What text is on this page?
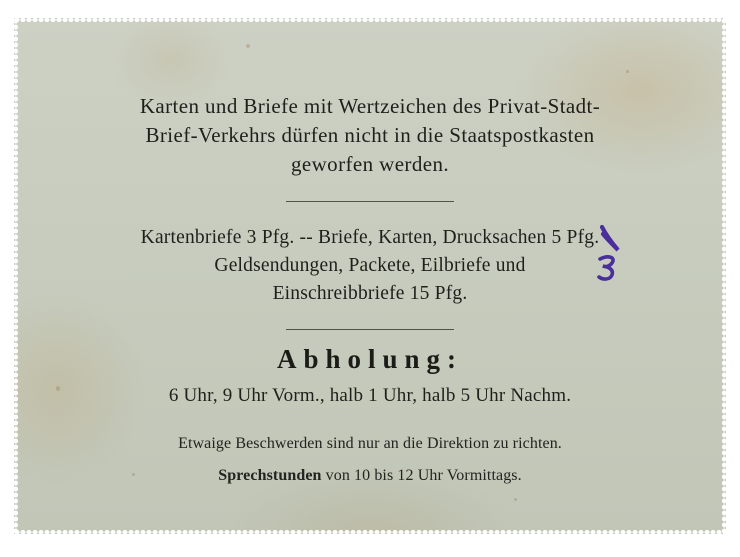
Karten und Briefe mit Wertzeichen des Privat-Stadt-
Brief-Verkehrs dürfen nicht in die Staatspostkasten
geworfen werden.
Kartenbriefe 3 Pfg. -- Briefe, Karten, Drucksachen 5 Pfg.
Geldsendungen, Packete, Eilbriefe und
Einschreibbriefe 15 Pfg.
Abholung:
6 Uhr, 9 Uhr Vorm., halb 1 Uhr, halb 5 Uhr Nachm.
Etwaige Beschwerden sind nur an die Direktion zu richten.
Sprechstunden von 10 bis 12 Uhr Vormittags.
